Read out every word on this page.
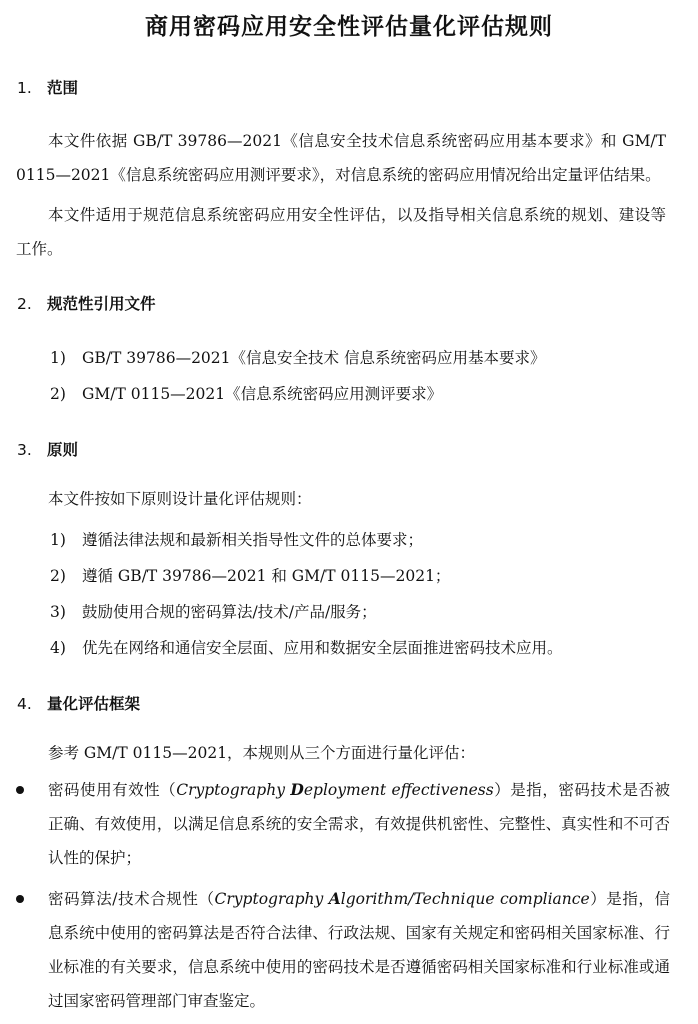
商用密码应用安全性评估量化评估规则
1. 范围
本文件依据 GB/T 39786—2021《信息安全技术信息系统密码应用基本要求》和 GM/T 0115—2021《信息系统密码应用测评要求》，对信息系统的密码应用情况给出定量评估结果。
本文件适用于规范信息系统密码应用安全性评估，以及指导相关信息系统的规划、建设等工作。
2. 规范性引用文件
1) GB/T 39786—2021《信息安全技术 信息系统密码应用基本要求》
2) GM/T 0115—2021《信息系统密码应用测评要求》
3. 原则
本文件按如下原则设计量化评估规则：
1) 遵循法律法规和最新相关指导性文件的总体要求；
2) 遵循 GB/T 39786—2021 和 GM/T 0115—2021；
3) 鼓励使用合规的密码算法/技术/产品/服务；
4) 优先在网络和通信安全层面、应用和数据安全层面推进密码技术应用。
4. 量化评估框架
参考 GM/T 0115—2021，本规则从三个方面进行量化评估：
密码使用有效性（Cryptography Deployment effectiveness）是指，密码技术是否被正确、有效使用，以满足信息系统的安全需求，有效提供机密性、完整性、真实性和不可否认性的保护；
密码算法/技术合规性（Cryptography Algorithm/Technique compliance）是指，信息系统中使用的密码算法是否符合法律、行政法规、国家有关规定和密码相关国家标准、行业标准的有关要求，信息系统中使用的密码技术是否遵循密码相关国家标准和行业标准或通过国家密码管理部门审查鉴定。
